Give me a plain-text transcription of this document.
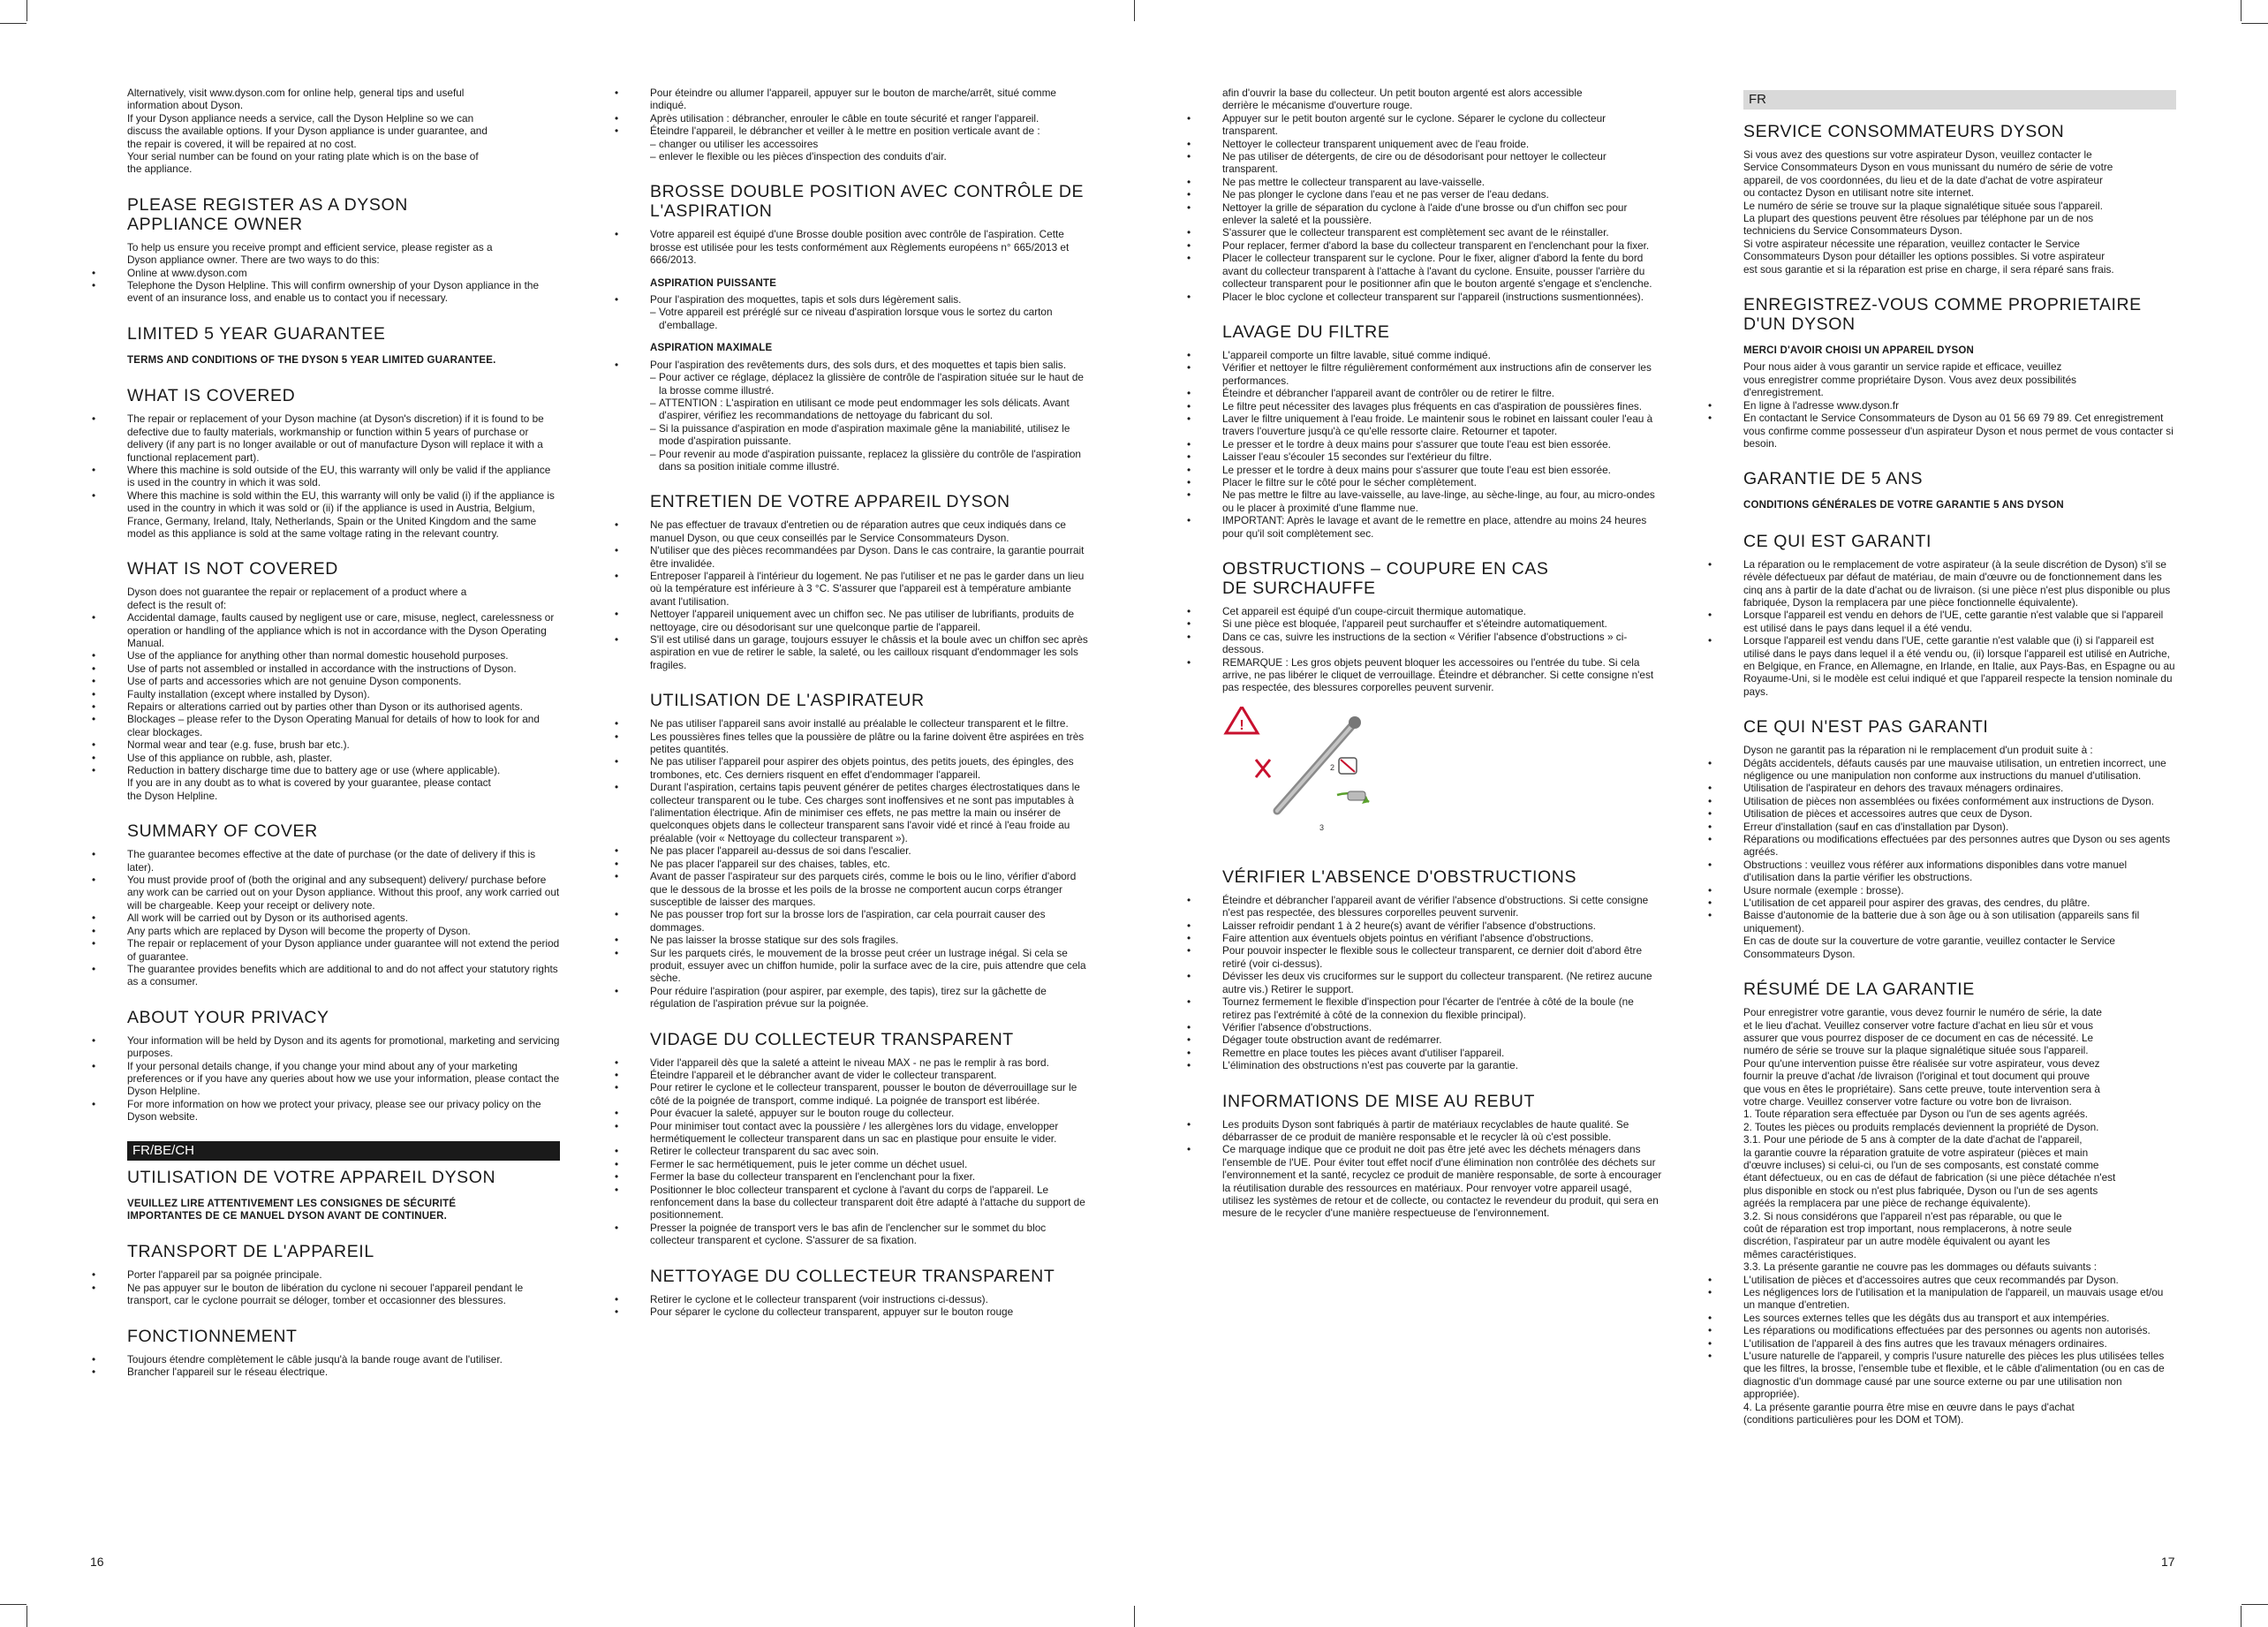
16	17

Alternatively, visit www.dyson.com for online help, general tips and useful
information about Dyson.
If your Dyson appliance needs a service, call the Dyson Helpline so we can
discuss the available options. If your Dyson appliance is under guarantee, and
the repair is covered, it will be repaired at no cost.
Your serial number can be found on your rating plate which is on the base of
the appliance.

PLEASE REGISTER AS A DYSON
APPLIANCE OWNER

To help us ensure you receive prompt and efficient service, please register as a
Dyson appliance owner. There are two ways to do this:

• Online at www.dyson.com
• Telephone the Dyson Helpline. This will confirm ownership of your Dyson appliance in the event of an insurance loss, and enable us to contact you if necessary.
LIMITED 5 YEAR GUARANTEE
TERMS AND CONDITIONS OF THE DYSON 5 YEAR LIMITED GUARANTEE.
WHAT IS COVERED
• The repair or replacement of your Dyson machine (at Dyson's discretion) if it is found to be defective due to faulty materials, workmanship or function within 5 years of purchase or delivery (if any part is no longer available or out of manufacture Dyson will replace it with a functional replacement part).
• Where this machine is sold outside of the EU, this warranty will only be valid if the appliance is used in the country in which it was sold.
• Where this machine is sold within the EU, this warranty will only be valid (i) if the appliance is used in the country in which it was sold or (ii) if the appliance is used in Austria, Belgium, France, Germany, Ireland, Italy, Netherlands, Spain or the United Kingdom and the same model as this appliance is sold at the same voltage rating in the relevant country.
WHAT IS NOT COVERED

Dyson does not guarantee the repair or replacement of a product where a
defect is the result of:

• Accidental damage, faults caused by negligent use or care, misuse, neglect, carelessness or operation or handling of the appliance which is not in accordance with the Dyson Operating Manual.
• Use of the appliance for anything other than normal domestic household purposes.
• Use of parts not assembled or installed in accordance with the instructions of Dyson.
• Use of parts and accessories which are not genuine Dyson components.
• Faulty installation (except where installed by Dyson).
• Repairs or alterations carried out by parties other than Dyson or its authorised agents.
• Blockages – please refer to the Dyson Operating Manual for details of how to look for and clear blockages.
• Normal wear and tear (e.g. fuse, brush bar etc.).
• Use of this appliance on rubble, ash, plaster.
• Reduction in battery discharge time due to battery age or use (where applicable).

If you are in any doubt as to what is covered by your guarantee, please contact
the Dyson Helpline.

SUMMARY OF COVER
• The guarantee becomes effective at the date of purchase (or the date of delivery if this is later).
• You must provide proof of (both the original and any subsequent) delivery/ purchase before any work can be carried out on your Dyson appliance. Without this proof, any work carried out will be chargeable. Keep your receipt or delivery note.
• All work will be carried out by Dyson or its authorised agents.
• Any parts which are replaced by Dyson will become the property of Dyson.
• The repair or replacement of your Dyson appliance under guarantee will not extend the period of guarantee.
• The guarantee provides benefits which are additional to and do not affect your statutory rights as a consumer.
ABOUT YOUR PRIVACY
• Your information will be held by Dyson and its agents for promotional, marketing and servicing purposes.
• If your personal details change, if you change your mind about any of your marketing preferences or if you have any queries about how we use your information, please contact the Dyson Helpline.
• For more information on how we protect your privacy, please see our privacy policy on the Dyson website.
FR/BE/CH
UTILISATION DE VOTRE APPAREIL DYSON
VEUILLEZ LIRE ATTENTIVEMENT LES CONSIGNES DE SÉCURITÉ
IMPORTANTES DE CE MANUEL DYSON AVANT DE CONTINUER.
TRANSPORT DE L'APPAREIL
• Porter l'appareil par sa poignée principale.
• Ne pas appuyer sur le bouton de libération du cyclone ni secouer l'appareil pendant le transport, car le cyclone pourrait se déloger, tomber et occasionner des blessures.
FONCTIONNEMENT
• Toujours étendre complètement le câble jusqu'à la bande rouge avant de l'utiliser.
• Brancher l'appareil sur le réseau électrique.
• Pour éteindre ou allumer l'appareil, appuyer sur le bouton de marche/arrêt, situé comme indiqué.
• Après utilisation : débrancher, enrouler le câble en toute sécurité et ranger l'appareil.
• Éteindre l'appareil, le débrancher et veiller à le mettre en position verticale avant de :
– changer ou utiliser les accessoires
– enlever le flexible ou les pièces d'inspection des conduits d'air.
BROSSE DOUBLE POSITION AVEC CONTRÔLE DE
L'ASPIRATION
• Votre appareil est équipé d'une Brosse double position avec contrôle de l'aspiration. Cette brosse est utilisée pour les tests conformément aux Règlements européens n° 665/2013 et 666/2013.
ASPIRATION PUISSANTE
• Pour l'aspiration des moquettes, tapis et sols durs légèrement salis.
– Votre appareil est préréglé sur ce niveau d'aspiration lorsque vous le sortez du carton d'emballage.
ASPIRATION MAXIMALE
• Pour l'aspiration des revêtements durs, des sols durs, et des moquettes et tapis bien salis.
– Pour activer ce réglage, déplacez la glissière de contrôle de l'aspiration située sur le haut de la brosse comme illustré.
– ATTENTION : L'aspiration en utilisant ce mode peut endommager les sols délicats. Avant d'aspirer, vérifiez les recommandations de nettoyage du fabricant du sol.
– Si la puissance d'aspiration en mode d'aspiration maximale gêne la maniabilité, utilisez le mode d'aspiration puissante.
– Pour revenir au mode d'aspiration puissante, replacez la glissière du contrôle de l'aspiration dans sa position initiale comme illustré.
ENTRETIEN DE VOTRE APPAREIL DYSON
• Ne pas effectuer de travaux d'entretien ou de réparation autres que ceux indiqués dans ce manuel Dyson, ou que ceux conseillés par le Service Consommateurs Dyson.
• N'utiliser que des pièces recommandées par Dyson. Dans le cas contraire, la garantie pourrait être invalidée.
• Entreposer l'appareil à l'intérieur du logement. Ne pas l'utiliser et ne pas le garder dans un lieu où la température est inférieure à 3 °C. S'assurer que l'appareil est à température ambiante avant l'utilisation.
• Nettoyer l'appareil uniquement avec un chiffon sec. Ne pas utiliser de lubrifiants, produits de nettoyage, cire ou désodorisant sur une quelconque partie de l'appareil.
• S'il est utilisé dans un garage, toujours essuyer le châssis et la boule avec un chiffon sec après aspiration en vue de retirer le sable, la saleté, ou les cailloux risquant d'endommager les sols fragiles.
UTILISATION DE L'ASPIRATEUR
• Ne pas utiliser l'appareil sans avoir installé au préalable le collecteur transparent et le filtre.
• Les poussières fines telles que la poussière de plâtre ou la farine doivent être aspirées en très petites quantités.
• Ne pas utiliser l'appareil pour aspirer des objets pointus, des petits jouets, des épingles, des trombones, etc. Ces derniers risquent en effet d'endommager l'appareil.
• Durant l'aspiration, certains tapis peuvent générer de petites charges électrostatiques dans le collecteur transparent ou le tube. Ces charges sont inoffensives et ne sont pas imputables à l'alimentation électrique. Afin de minimiser ces effets, ne pas mettre la main ou insérer de quelconques objets dans le collecteur transparent sans l'avoir vidé et rincé à l'eau froide au préalable (voir « Nettoyage du collecteur transparent »).
• Ne pas placer l'appareil au-dessus de soi dans l'escalier.
• Ne pas placer l'appareil sur des chaises, tables, etc.
• Avant de passer l'aspirateur sur des parquets cirés, comme le bois ou le lino, vérifier d'abord que le dessous de la brosse et les poils de la brosse ne comportent aucun corps étranger susceptible de laisser des marques.
• Ne pas pousser trop fort sur la brosse lors de l'aspiration, car cela pourrait causer des dommages.
• Ne pas laisser la brosse statique sur des sols fragiles.
• Sur les parquets cirés, le mouvement de la brosse peut créer un lustrage inégal. Si cela se produit, essuyer avec un chiffon humide, polir la surface avec de la cire, puis attendre que cela sèche.
• Pour réduire l'aspiration (pour aspirer, par exemple, des tapis), tirez sur la gâchette de régulation de l'aspiration prévue sur la poignée.
VIDAGE DU COLLECTEUR TRANSPARENT
• Vider l'appareil dès que la saleté a atteint le niveau MAX - ne pas le remplir à ras bord.
• Éteindre l'appareil et le débrancher avant de vider le collecteur transparent.
• Pour retirer le cyclone et le collecteur transparent, pousser le bouton de déverrouillage sur le côté de la poignée de transport, comme indiqué. La poignée de transport est libérée.
• Pour évacuer la saleté, appuyer sur le bouton rouge du collecteur.
• Pour minimiser tout contact avec la poussière / les allergènes lors du vidage, envelopper hermétiquement le collecteur transparent dans un sac en plastique pour ensuite le vider.
• Retirer le collecteur transparent du sac avec soin.
• Fermer le sac hermétiquement, puis le jeter comme un déchet usuel.
• Fermer la base du collecteur transparent en l'enclenchant pour la fixer.
• Positionner le bloc collecteur transparent et cyclone à l'avant du corps de l'appareil. Le renfoncement dans la base du collecteur transparent doit être adapté à l'attache du support de positionnement.
• Presser la poignée de transport vers le bas afin de l'enclencher sur le sommet du bloc collecteur transparent et cyclone. S'assurer de sa fixation.
NETTOYAGE DU COLLECTEUR TRANSPARENT
• Retirer le cyclone et le collecteur transparent (voir instructions ci-dessus).
• Pour séparer le cyclone du collecteur transparent, appuyer sur le bouton rouge

afin d'ouvrir la base du collecteur. Un petit bouton argenté est alors accessible
derrière le mécanisme d'ouverture rouge.

• Appuyer sur le petit bouton argenté sur le cyclone. Séparer le cyclone du collecteur transparent.
• Nettoyer le collecteur transparent uniquement avec de l'eau froide.
• Ne pas utiliser de détergents, de cire ou de désodorisant pour nettoyer le collecteur transparent.
• Ne pas mettre le collecteur transparent au lave-vaisselle.
• Ne pas plonger le cyclone dans l'eau et ne pas verser de l'eau dedans.
• Nettoyer la grille de séparation du cyclone à l'aide d'une brosse ou d'un chiffon sec pour enlever la saleté et la poussière.
• S'assurer que le collecteur transparent est complètement sec avant de le réinstaller.
• Pour replacer, fermer d'abord la base du collecteur transparent en l'enclenchant pour la fixer.
• Placer le collecteur transparent sur le cyclone. Pour le fixer, aligner d'abord la fente du bord avant du collecteur transparent à l'attache à l'avant du cyclone. Ensuite, pousser l'arrière du collecteur transparent pour le positionner afin que le bouton argenté s'engage et s'enclenche.
• Placer le bloc cyclone et collecteur transparent sur l'appareil (instructions susmentionnées).
LAVAGE DU FILTRE
• L'appareil comporte un filtre lavable, situé comme indiqué.
• Vérifier et nettoyer le filtre régulièrement conformément aux instructions afin de conserver les performances.
• Éteindre et débrancher l'appareil avant de contrôler ou de retirer le filtre.
• Le filtre peut nécessiter des lavages plus fréquents en cas d'aspiration de poussières fines.
• Laver le filtre uniquement à l'eau froide. Le maintenir sous le robinet en laissant couler l'eau à travers l'ouverture jusqu'à ce qu'elle ressorte claire. Retourner et tapoter.
• Le presser et le tordre à deux mains pour s'assurer que toute l'eau est bien essorée.
• Laisser l'eau s'écouler 15 secondes sur l'extérieur du filtre.
• Le presser et le tordre à deux mains pour s'assurer que toute l'eau est bien essorée.
• Placer le filtre sur le côté pour le sécher complètement.
• Ne pas mettre le filtre au lave-vaisselle, au lave-linge, au sèche-linge, au four, au micro-ondes ou le placer à proximité d'une flamme nue.
• IMPORTANT: Après le lavage et avant de le remettre en place, attendre au moins 24 heures pour qu'il soit complètement sec.
OBSTRUCTIONS – COUPURE EN CAS
DE SURCHAUFFE
• Cet appareil est équipé d'un coupe-circuit thermique automatique.
• Si une pièce est bloquée, l'appareil peut surchauffer et s'éteindre automatiquement.
• Dans ce cas, suivre les instructions de la section « Vérifier l'absence d'obstructions » ci-dessous.
• REMARQUE : Les gros objets peuvent bloquer les accessoires ou l'entrée du tube. Si cela arrive, ne pas libérer le cliquet de verrouillage. Éteindre et débrancher. Si cette consigne n'est pas respectée, des blessures corporelles peuvent survenir.
!
2
3
VÉRIFIER L'ABSENCE D'OBSTRUCTIONS
• Éteindre et débrancher l'appareil avant de vérifier l'absence d'obstructions. Si cette consigne n'est pas respectée, des blessures corporelles peuvent survenir.
• Laisser refroidir pendant 1 à 2 heure(s) avant de vérifier l'absence d'obstructions.
• Faire attention aux éventuels objets pointus en vérifiant l'absence d'obstructions.
• Pour pouvoir inspecter le flexible sous le collecteur transparent, ce dernier doit d'abord être retiré (voir ci-dessus).
• Dévisser les deux vis cruciformes sur le support du collecteur transparent. (Ne retirez aucune autre vis.) Retirer le support.
• Tournez fermement le flexible d'inspection pour l'écarter de l'entrée à côté de la boule (ne retirez pas l'extrémité à côté de la connexion du flexible principal).
• Vérifier l'absence d'obstructions.
• Dégager toute obstruction avant de redémarrer.
• Remettre en place toutes les pièces avant d'utiliser l'appareil.
• L'élimination des obstructions n'est pas couverte par la garantie.
INFORMATIONS DE MISE AU REBUT
• Les produits Dyson sont fabriqués à partir de matériaux recyclables de haute qualité. Se débarrasser de ce produit de manière responsable et le recycler là où c'est possible.
• Ce marquage indique que ce produit ne doit pas être jeté avec les déchets ménagers dans l'ensemble de l'UE. Pour éviter tout effet nocif d'une élimination non contrôlée des déchets sur l'environnement et la santé, recyclez ce produit de manière responsable, de sorte à encourager la réutilisation durable des ressources en matériaux. Pour renvoyer votre appareil usagé, utilisez les systèmes de retour et de collecte, ou contactez le revendeur du produit, qui sera en mesure de le recycler d'une manière respectueuse de l'environnement.
FR
SERVICE CONSOMMATEURS DYSON

Si vous avez des questions sur votre aspirateur Dyson, veuillez contacter le
Service Consommateurs Dyson en vous munissant du numéro de série de votre
appareil, de vos coordonnées, du lieu et de la date d'achat de votre aspirateur
ou contactez Dyson en utilisant notre site internet.
Le numéro de série se trouve sur la plaque signalétique située sous l'appareil.
La plupart des questions peuvent être résolues par téléphone par un de nos
techniciens du Service Consommateurs Dyson.
Si votre aspirateur nécessite une réparation, veuillez contacter le Service
Consommateurs Dyson pour détailler les options possibles. Si votre aspirateur
est sous garantie et si la réparation est prise en charge, il sera réparé sans frais.

ENREGISTREZ-VOUS COMME PROPRIETAIRE
D'UN DYSON
MERCI D'AVOIR CHOISI UN APPAREIL DYSON

Pour nous aider à vous garantir un service rapide et efficace, veuillez
vous enregistrer comme propriétaire Dyson. Vous avez deux possibilités
d'enregistrement.

• En ligne à l'adresse www.dyson.fr
• En contactant le Service Consommateurs de Dyson au 01 56 69 79 89. Cet enregistrement vous confirme comme possesseur d'un aspirateur Dyson et nous permet de vous contacter si besoin.
GARANTIE DE 5 ANS
CONDITIONS GÉNÉRALES DE VOTRE GARANTIE 5 ANS DYSON
CE QUI EST GARANTI
• La réparation ou le remplacement de votre aspirateur (à la seule discrétion de Dyson) s'il se révèle défectueux par défaut de matériau, de main d'œuvre ou de fonctionnement dans les cinq ans à partir de la date d'achat ou de livraison. (si une pièce n'est plus disponible ou plus fabriquée, Dyson la remplacera par une pièce fonctionnelle équivalente).
• Lorsque l'appareil est vendu en dehors de l'UE, cette garantie n'est valable que si l'appareil est utilisé dans le pays dans lequel il a été vendu.
• Lorsque l'appareil est vendu dans l'UE, cette garantie n'est valable que (i) si l'appareil est utilisé dans le pays dans lequel il a été vendu ou, (ii) lorsque l'appareil est utilisé en Autriche, en Belgique, en France, en Allemagne, en Irlande, en Italie, aux Pays-Bas, en Espagne ou au Royaume-Uni, si le modèle est celui indiqué et que l'appareil respecte la tension nominale du pays.
CE QUI N'EST PAS GARANTI

Dyson ne garantit pas la réparation ni le remplacement d'un produit suite à :

• Dégâts accidentels, défauts causés par une mauvaise utilisation, un entretien incorrect, une négligence ou une manipulation non conforme aux instructions du manuel d'utilisation.
• Utilisation de l'aspirateur en dehors des travaux ménagers ordinaires.
• Utilisation de pièces non assemblées ou fixées conformément aux instructions de Dyson.
• Utilisation de pièces et accessoires autres que ceux de Dyson.
• Erreur d'installation (sauf en cas d'installation par Dyson).
• Réparations ou modifications effectuées par des personnes autres que Dyson ou ses agents agréés.
• Obstructions : veuillez vous référer aux informations disponibles dans votre manuel d'utilisation dans la partie vérifier les obstructions.
• Usure normale (exemple : brosse).
• L'utilisation de cet appareil pour aspirer des gravas, des cendres, du plâtre.
• Baisse d'autonomie de la batterie due à son âge ou à son utilisation (appareils sans fil uniquement).

En cas de doute sur la couverture de votre garantie, veuillez contacter le Service
Consommateurs Dyson.

RÉSUMÉ DE LA GARANTIE

Pour enregistrer votre garantie, vous devez fournir le numéro de série, la date
et le lieu d'achat. Veuillez conserver votre facture d'achat en lieu sûr et vous
assurer que vous pourrez disposer de ce document en cas de nécessité. Le
numéro de série se trouve sur la plaque signalétique située sous l'appareil.
Pour qu'une intervention puisse être réalisée sur votre aspirateur, vous devez
fournir la preuve d'achat /de livraison (l'original et tout document qui prouve
que vous en êtes le propriétaire). Sans cette preuve, toute intervention sera à
votre charge. Veuillez conserver votre facture ou votre bon de livraison.
1. Toute réparation sera effectuée par Dyson ou l'un de ses agents agréés.
2. Toutes les pièces ou produits remplacés deviennent la propriété de Dyson.
3.1. Pour une période de 5 ans à compter de la date d'achat de l'appareil,
la garantie couvre la réparation gratuite de votre aspirateur (pièces et main
d'œuvre incluses) si celui-ci, ou l'un de ses composants, est constaté comme
étant défectueux, ou en cas de défaut de fabrication (si une pièce détachée n'est
plus disponible en stock ou n'est plus fabriquée, Dyson ou l'un de ses agents
agréés la remplacera par une pièce de rechange équivalente).
3.2. Si nous considérons que l'appareil n'est pas réparable, ou que le
coût de réparation est trop important, nous remplacerons, à notre seule
discrétion, l'aspirateur par un autre modèle équivalent ou ayant les
mêmes caractéristiques.
3.3. La présente garantie ne couvre pas les dommages ou défauts suivants :

• L'utilisation de pièces et d'accessoires autres que ceux recommandés par Dyson.
• Les négligences lors de l'utilisation et la manipulation de l'appareil, un mauvais usage et/ou un manque d'entretien.
• Les sources externes telles que les dégâts dus au transport et aux intempéries.
• Les réparations ou modifications effectuées par des personnes ou agents non autorisés.
• L'utilisation de l'appareil à des fins autres que les travaux ménagers ordinaires.
• L'usure naturelle de l'appareil, y compris l'usure naturelle des pièces les plus utilisées telles que les filtres, la brosse, l'ensemble tube et flexible, et le câble d'alimentation (ou en cas de diagnostic d'un dommage causé par une source externe ou par une utilisation non appropriée).

4. La présente garantie pourra être mise en œuvre dans le pays d'achat
(conditions particulières pour les DOM et TOM).
